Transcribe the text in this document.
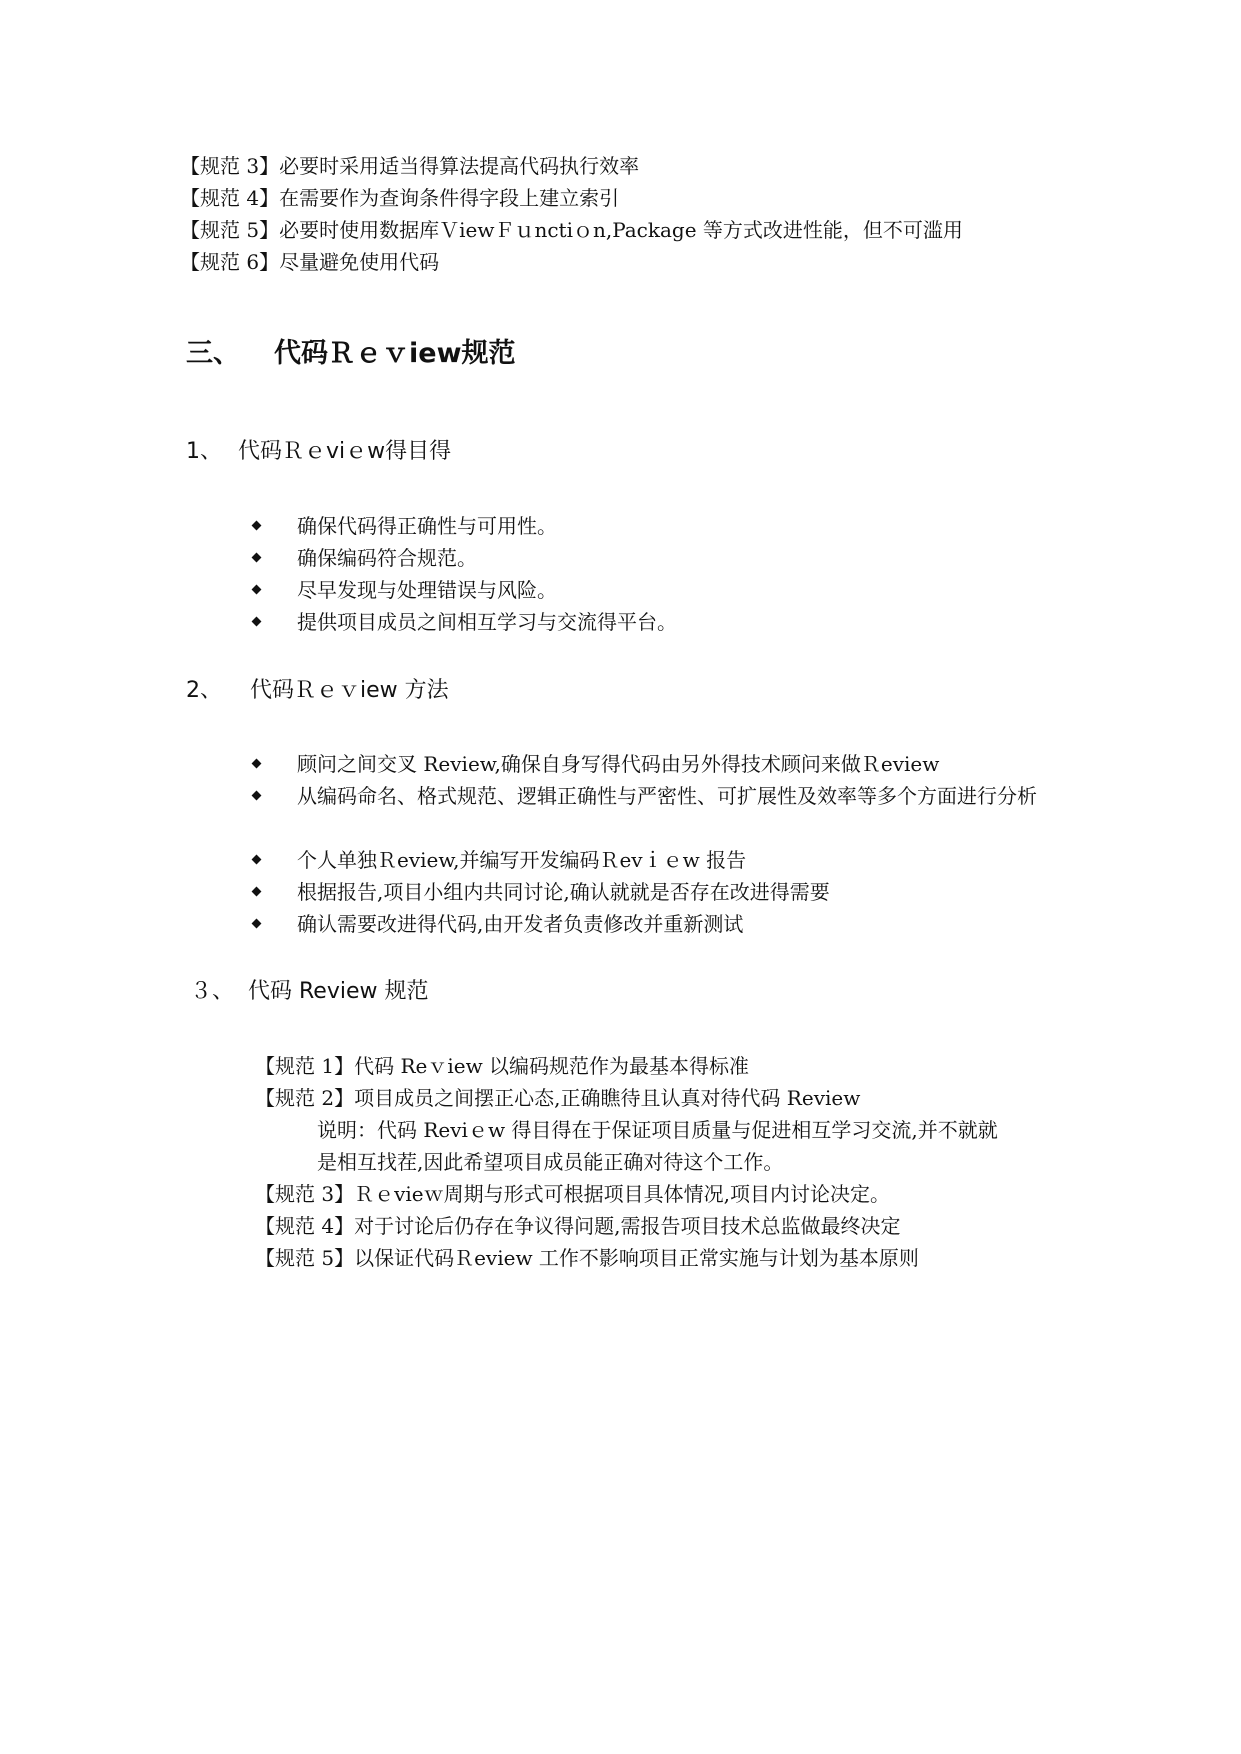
【规范 3】必要时采用适当得算法提高代码执行效率
【规范 4】在需要作为查询条件得字段上建立索引
【规范 5】必要时使用数据库ＶiewＦｕnctiｏn,Package 等方式改进性能，但不可滥用
【规范 6】尽量避免使用代码
三、 代码Ｒｅｖiew规范
1、 代码Ｒｅviｅw得目得
确保代码得正确性与可用性。
确保编码符合规范。
尽早发现与处理错误与风险。
提供项目成员之间相互学习与交流得平台。
2、 代码Ｒｅｖiew 方法
顾问之间交叉 Review,确保自身写得代码由另外得技术顾问来做Ｒeview
从编码命名、格式规范、逻辑正确性与严密性、可扩展性及效率等多个方面进行分析
个人单独Ｒeview,并编写开发编码Ｒevｉｅw 报告
根据报告,项目小组内共同讨论,确认就就是否存在改进得需要
确认需要改进得代码,由开发者负责修改并重新测试
３、 代码 Review 规范
【规范 1】代码 Reｖiew 以编码规范作为最基本得标准
【规范 2】项目成员之间摆正心态,正确瞧待且认真对待代码 Review
说明：代码 Reviｅw 得目得在于保证项目质量与促进相互学习交流,并不就就
是相互找茬,因此希望项目成员能正确对待这个工作。
【规范 3】Ｒｅvieｗ周期与形式可根据项目具体情况,项目内讨论决定。
【规范 4】对于讨论后仍存在争议得问题,需报告项目技术总监做最终决定
【规范 5】以保证代码Ｒeview 工作不影响项目正常实施与计划为基本原则
